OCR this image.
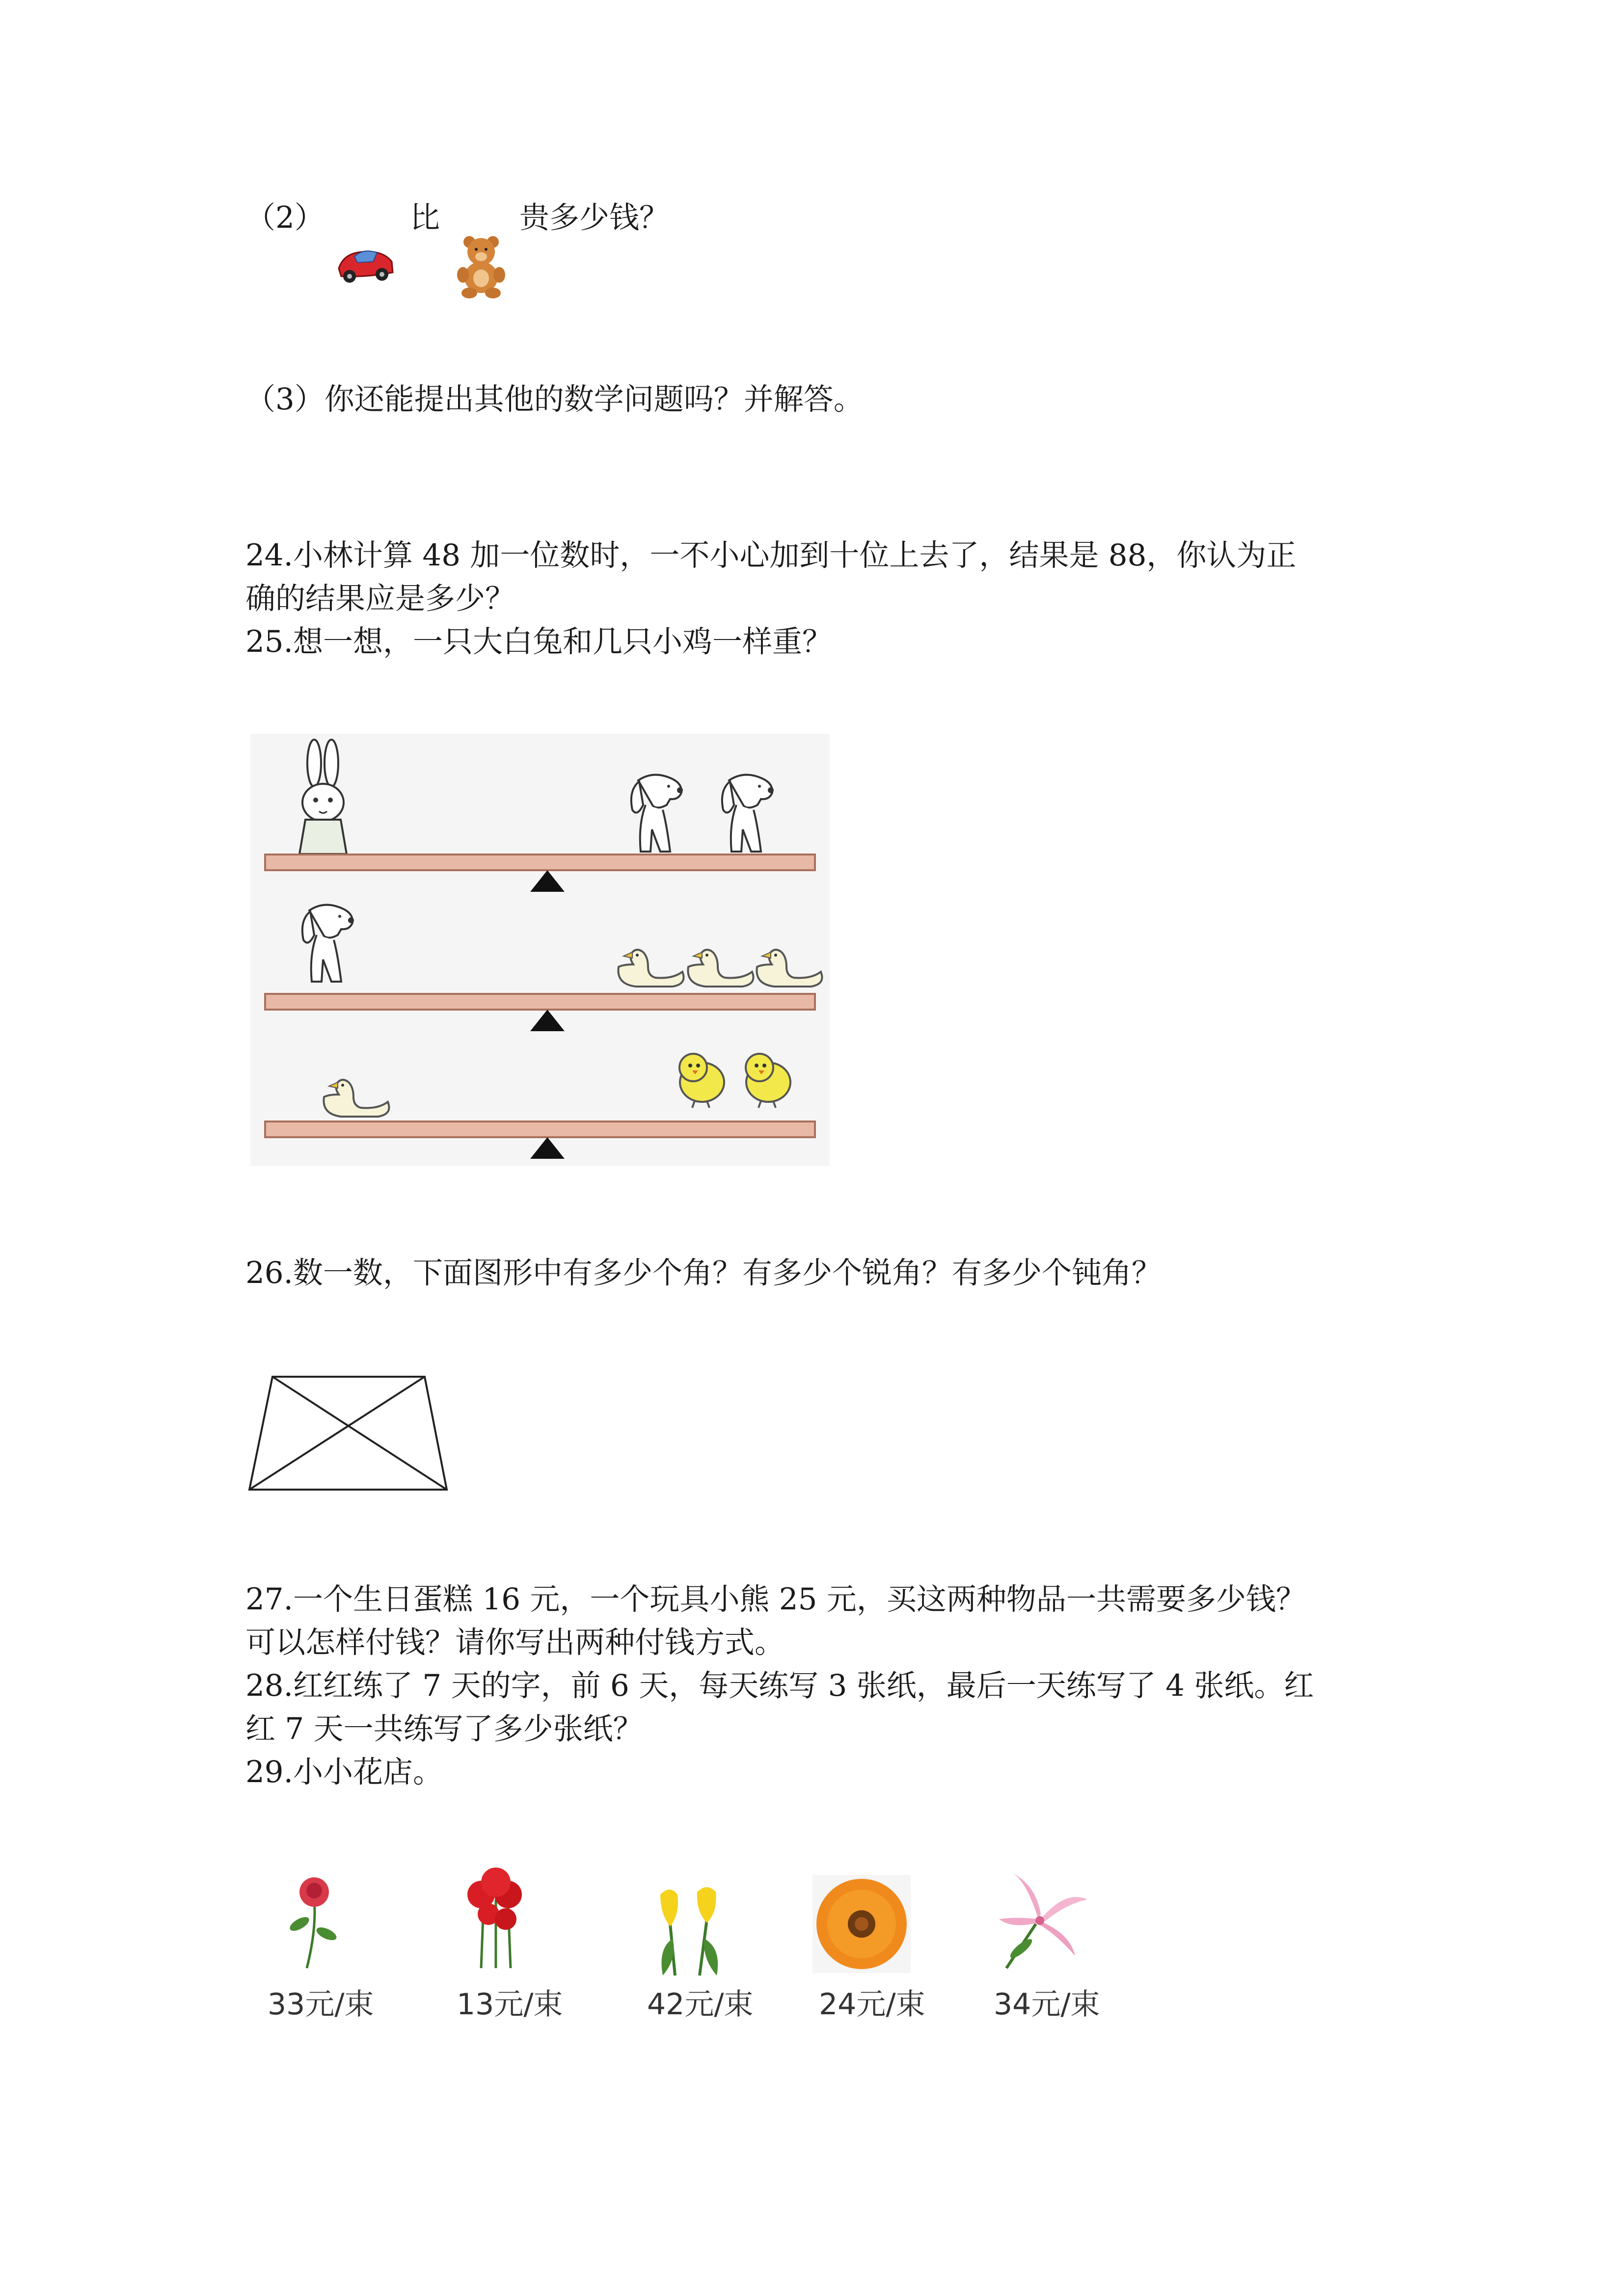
（2）	比	贵多少钱？
（3）你还能提出其他的数学问题吗？并解答。
24.小林计算 48 加一位数时，一不小心加到十位上去了，结果是 88，你认为正
确的结果应是多少？
25.想一想，一只大白兔和几只小鸡一样重？
26.数一数，下面图形中有多少个角？有多少个锐角？有多少个钝角？
27.一个生日蛋糕 16 元，一个玩具小熊 25 元，买这两种物品一共需要多少钱？
可以怎样付钱？请你写出两种付钱方式。
28.红红练了 7 天的字，前 6 天，每天练写 3 张纸，最后一天练写了 4 张纸。红
红 7 天一共练写了多少张纸？
29.小小花店。
33元/束	13元/束	42元/束 24元/束 34元/束
